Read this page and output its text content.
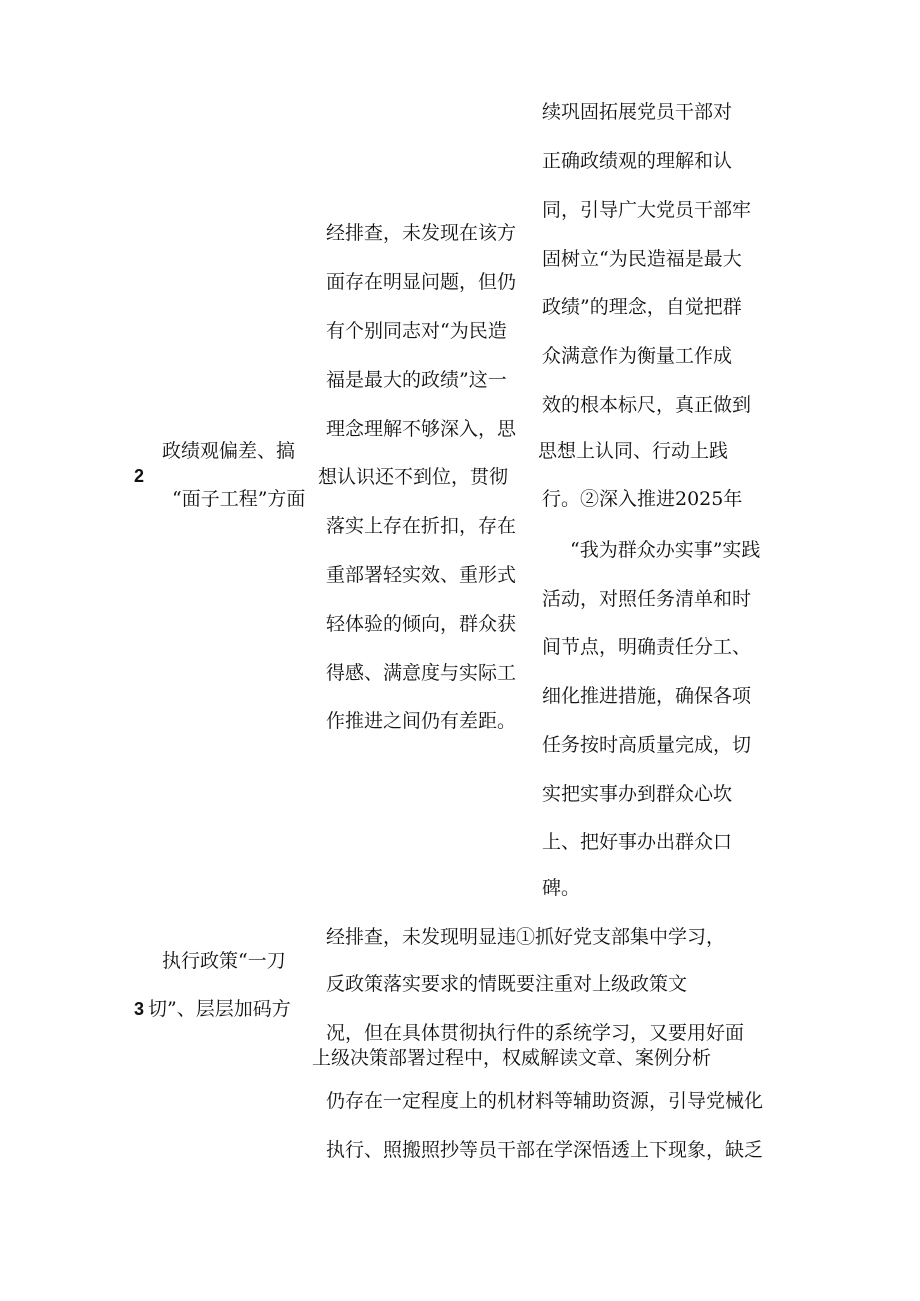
2
政绩观偏差、搞
“面子工程”方面
经排查，未发现在该方
面存在明显问题，但仍
有个别同志对“为民造
福是最大的政绩”这一
理念理解不够深入，思
想认识还不到位，贯彻
落实上存在折扣，存在
重部署轻实效、重形式
轻体验的倾向，群众获
得感、满意度与实际工
作推进之间仍有差距。
续巩固拓展党员干部对
正确政绩观的理解和认
同，引导广大党员干部牢
固树立“为民造福是最大
政绩”的理念，自觉把群
众满意作为衡量工作成
效的根本标尺，真正做到
思想上认同、行动上践
行。②深入推进2025年
“我为群众办实事”实践
活动，对照任务清单和时
间节点，明确责任分工、
细化推进措施，确保各项
任务按时高质量完成，切
实把实事办到群众心坎
上、把好事办出群众口
碑。
3
执行政策“一刀
切”、层层加码方
经排查，未发现明显违①抓好党支部集中学习，
反政策落实要求的情既要注重对上级政策文
况，但在具体贯彻执行件的系统学习，又要用好面
上级决策部署过程中，权威解读文章、案例分析
仍存在一定程度上的机材料等辅助资源，引导党械化
执行、照搬照抄等员干部在学深悟透上下现象，缺乏
